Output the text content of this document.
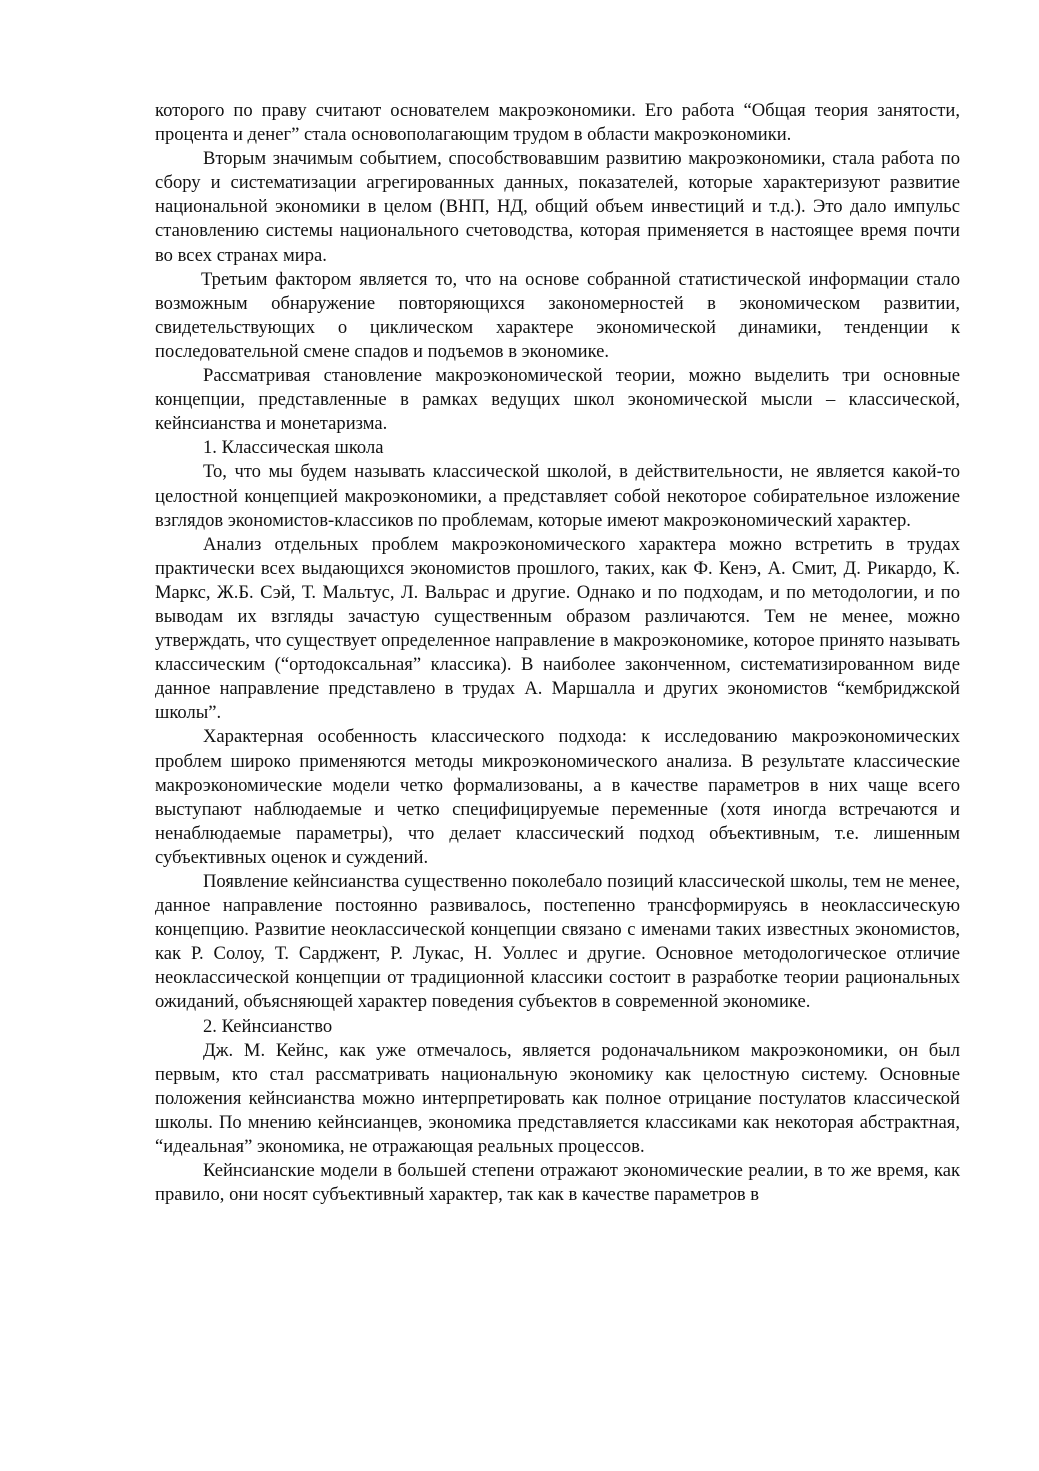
которого по праву считают основателем макроэкономики. Его работа “Общая теория занятости, процента и денег” стала основополагающим трудом в области макроэкономики.

Вторым значимым событием, способствовавшим развитию макроэкономики, стала работа по сбору и систематизации агрегированных данных, показателей, которые характеризуют развитие национальной экономики в целом (ВНП, НД, общий объем инвестиций и т.д.). Это дало импульс становлению системы национального счетоводства, которая применяется в настоящее время почти во всех странах мира.

Третьим фактором является то, что на основе собранной статистической информации стало возможным обнаружение повторяющихся закономерностей в экономическом развитии, свидетельствующих о циклическом характере экономической динамики, тенденции к последовательной смене спадов и подъемов в экономике.

Рассматривая становление макроэкономической теории, можно выделить три основные концепции, представленные в рамках ведущих школ экономической мысли – классической, кейнсианства и монетаризма.

1. Классическая школа

То, что мы будем называть классической школой, в действительности, не является какой-то целостной концепцией макроэкономики, а представляет собой некоторое собирательное изложение взглядов экономистов-классиков по проблемам, которые имеют макроэкономический характер.

Анализ отдельных проблем макроэкономического характера можно встретить в трудах практически всех выдающихся экономистов прошлого, таких, как Ф. Кенэ, А. Смит, Д. Рикардо, К. Маркс, Ж.Б. Сэй, Т. Мальтус, Л. Вальрас и другие. Однако и по подходам, и по методологии, и по выводам их взгляды зачастую существенным образом различаются. Тем не менее, можно утверждать, что существует определенное направление в макроэкономике, которое принято называть классическим (“ортодоксальная” классика). В наиболее законченном, систематизированном виде данное направление представлено в трудах А. Маршалла и других экономистов “кембриджской школы”.

Характерная особенность классического подхода: к исследованию макроэкономических проблем широко применяются методы микроэкономического анализа. В результате классические макроэкономические модели четко формализованы, а в качестве параметров в них чаще всего выступают наблюдаемые и четко специфицируемые переменные (хотя иногда встречаются и ненаблюдаемые параметры), что делает классический подход объективным, т.е. лишенным субъективных оценок и суждений.

Появление кейнсианства существенно поколебало позиций классической школы, тем не менее, данное направление постоянно развивалось, постепенно трансформируясь в неоклассическую концепцию. Развитие неоклассической концепции связано с именами таких известных экономистов, как Р. Солоу, Т. Сарджент, Р. Лукас, Н. Уоллес и другие. Основное методологическое отличие неоклассической концепции от традиционной классики состоит в разработке теории рациональных ожиданий, объясняющей характер поведения субъектов в современной экономике.

2. Кейнсианство

Дж. М. Кейнс, как уже отмечалось, является родоначальником макроэкономики, он был первым, кто стал рассматривать национальную экономику как целостную систему. Основные положения кейнсианства можно интерпретировать как полное отрицание постулатов классической школы. По мнению кейнсианцев, экономика представляется классиками как некоторая абстрактная, “идеальная” экономика, не отражающая реальных процессов.

Кейнсианские модели в большей степени отражают экономические реалии, в то же время, как правило, они носят субъективный характер, так как в качестве параметров в
